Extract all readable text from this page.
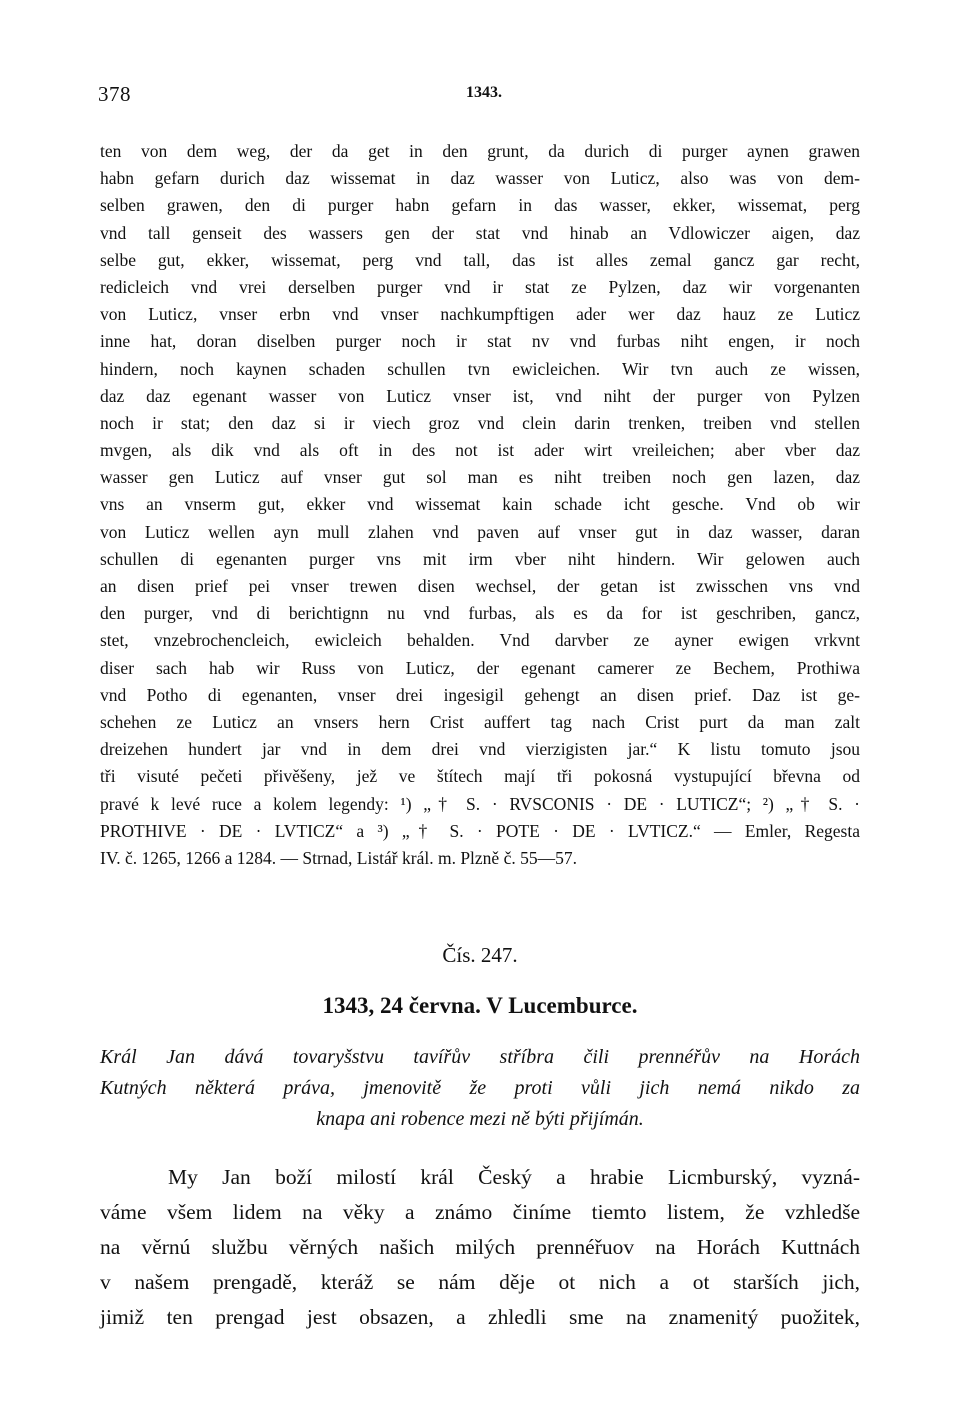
378	1343.
ten von dem weg, der da get in den grunt, da durich di purger aynen grawen
habn gefarn durich daz wissemat in daz wasser von Luticz, also was von dem-
selben grawen, den di purger habn gefarn in das wasser, ekker, wissemat, perg
vnd tall genseit des wassers gen der stat vnd hinab an Vdlowiczer aigen, daz
selbe gut, ekker, wissemat, perg vnd tall, das ist alles zemal gancz gar recht,
redicleich vnd vrei derselben purger vnd ir stat ze Pylzen, daz wir vorgenanten
von Luticz, vnser erbn vnd vnser nachkumpftigen ader wer daz hauz ze Luticz
inne hat, doran diselben purger noch ir stat nv vnd furbas niht engen, ir noch
hindern, noch kaynen schaden schullen tvn ewicleichen. Wir tvn auch ze wissen,
daz daz egenant wasser von Luticz vnser ist, vnd niht der purger von Pylzen
noch ir stat; den daz si ir viech groz vnd clein darin trenken, treiben vnd stellen
mvgen, als dik vnd als oft in des not ist ader wirt vreileichen; aber vber daz
wasser gen Luticz auf vnser gut sol man es niht treiben noch gen lazen, daz
vns an vnserm gut, ekker vnd wissemat kain schade icht gesche. Vnd ob wir
von Luticz wellen ayn mull zlahen vnd paven auf vnser gut in daz wasser, daran
schullen di egenanten purger vns mit irm vber niht hindern. Wir gelowen auch
an disen prief pei vnser trewen disen wechsel, der getan ist zwisschen vns vnd
den purger, vnd di berichtignn nu vnd furbas, als es da for ist geschriben, gancz,
stet, vnzebrochencleich, ewicleich behalden. Vnd darvber ze ayner ewigen vrkvnt
diser sach hab wir Russ von Luticz, der egenant camerer ze Bechem, Prothiwa
vnd Potho di egenanten, vnser drei ingesigil gehengt an disen prief. Daz ist ge-
schehen ze Luticz an vnsers hern Crist auffert tag nach Crist purt da man zalt
dreizehen hundert jar vnd in dem drei vnd vierzigisten jar.“ K listu tomuto jsou
tři visuté pečeti přivěšeny, jež ve štítech mají tři pokosná vystupující břevna od
pravé k levé ruce a kolem legendy: ¹) „† S. · RVSCONIS · DE · LUTICZ“; ²) „† S. ·
PROTHIVE · DE · LVTICZ“ a ³) „† S. · POTE · DE · LVTICZ.“ — Emler, Regesta
IV. č. 1265, 1266 a 1284. — Strnad, Listář král. m. Plzně č. 55—57.
Čís. 247.
1343, 24 června. V Lucemburce.
Král Jan dává tovaryšstvu tavířův stříbra čili prennéřův na Horách
Kutných některá práva, jmenovitě že proti vůli jich nemá nikdo za
knapa ani robence mezi ně býti přijímán.
My Jan boží milostí král Český a hrabie Licmburský, vyzná-
váme všem lidem na věky a známo činíme tiemto listem, že vzhledše
na věrnú službu věrných našich milých prennéřuov na Horách Kuttnách
v našem prengadě, kteráž se nám děje ot nich a ot starších jich,
jimiž ten prengad jest obsazen, a zhledli sme na znamenitý puožitek,
